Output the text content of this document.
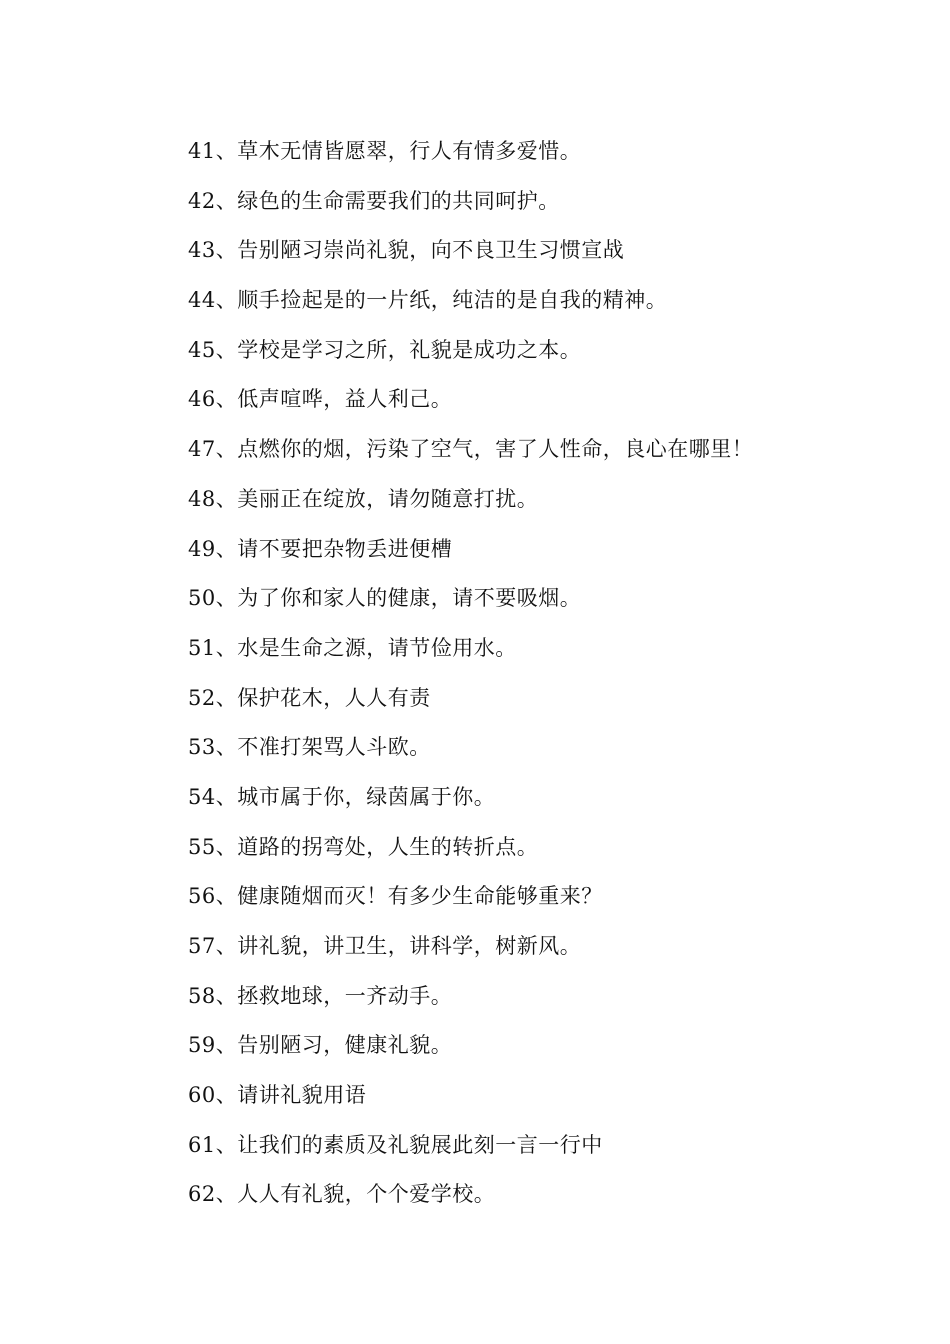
41、草木无情皆愿翠，行人有情多爱惜。
42、绿色的生命需要我们的共同呵护。
43、告别陋习崇尚礼貌，向不良卫生习惯宣战
44、顺手捡起是的一片纸，纯洁的是自我的精神。
45、学校是学习之所，礼貌是成功之本。
46、低声喧哗，益人利己。
47、点燃你的烟，污染了空气，害了人性命，良心在哪里！
48、美丽正在绽放，请勿随意打扰。
49、请不要把杂物丢进便槽
50、为了你和家人的健康，请不要吸烟。
51、水是生命之源，请节俭用水。
52、保护花木，人人有责
53、不准打架骂人斗欧。
54、城市属于你，绿茵属于你。
55、道路的拐弯处，人生的转折点。
56、健康随烟而灭！有多少生命能够重来？
57、讲礼貌，讲卫生，讲科学，树新风。
58、拯救地球，一齐动手。
59、告别陋习，健康礼貌。
60、请讲礼貌用语
61、让我们的素质及礼貌展此刻一言一行中
62、人人有礼貌，个个爱学校。
